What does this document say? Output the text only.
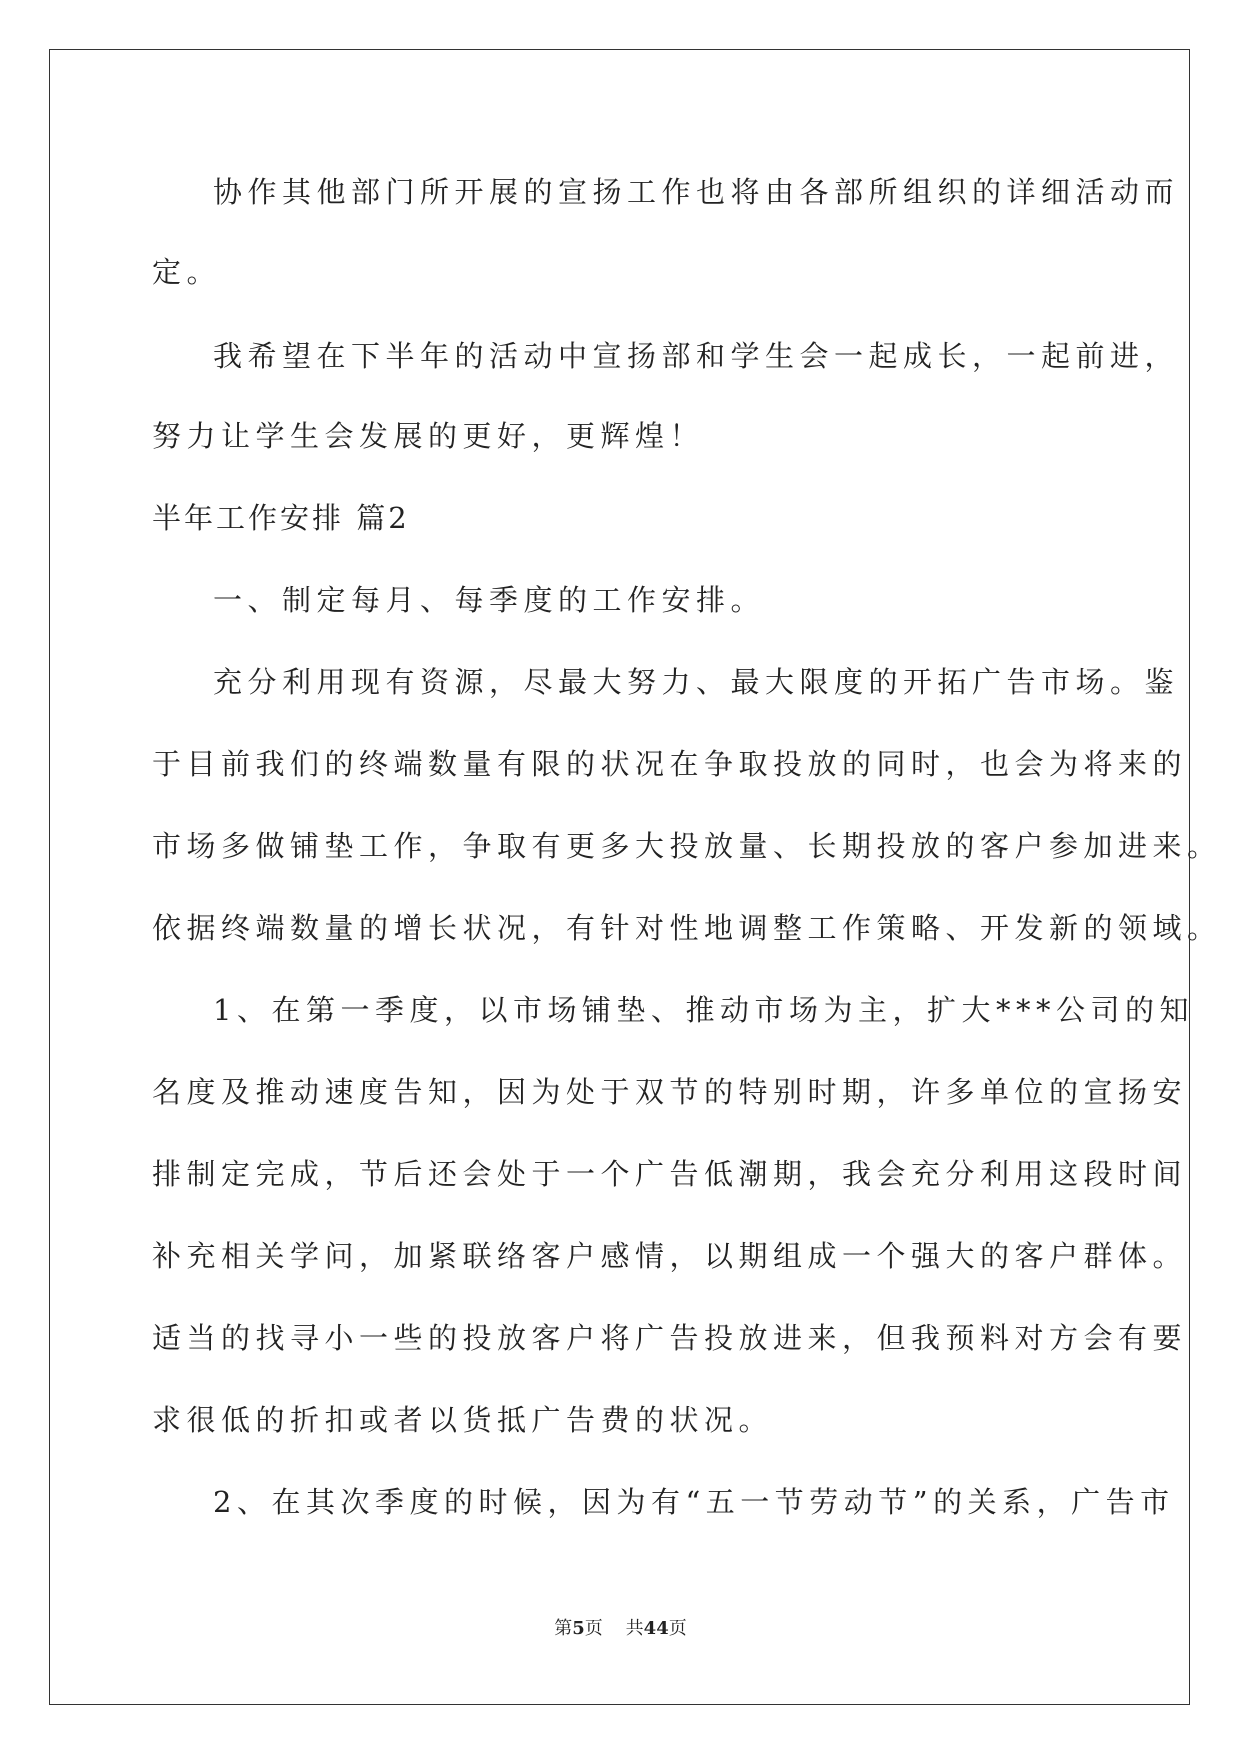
协作其他部门所开展的宣扬工作也将由各部所组织的详细活动而
定。
我希望在下半年的活动中宣扬部和学生会一起成长，一起前进，
努力让学生会发展的更好，更辉煌！
半年工作安排 篇2
一、制定每月、每季度的工作安排。
充分利用现有资源，尽最大努力、最大限度的开拓广告市场。鉴
于目前我们的终端数量有限的状况在争取投放的同时，也会为将来的
市场多做铺垫工作，争取有更多大投放量、长期投放的客户参加进来。
依据终端数量的增长状况，有针对性地调整工作策略、开发新的领域。
1、在第一季度，以市场铺垫、推动市场为主，扩大***公司的知
名度及推动速度告知，因为处于双节的特别时期，许多单位的宣扬安
排制定完成，节后还会处于一个广告低潮期，我会充分利用这段时间
补充相关学问，加紧联络客户感情，以期组成一个强大的客户群体。
适当的找寻小一些的投放客户将广告投放进来，但我预料对方会有要
求很低的折扣或者以货抵广告费的状况。
2、在其次季度的时候，因为有“五一节劳动节”的关系，广告市
第5页 共44页
